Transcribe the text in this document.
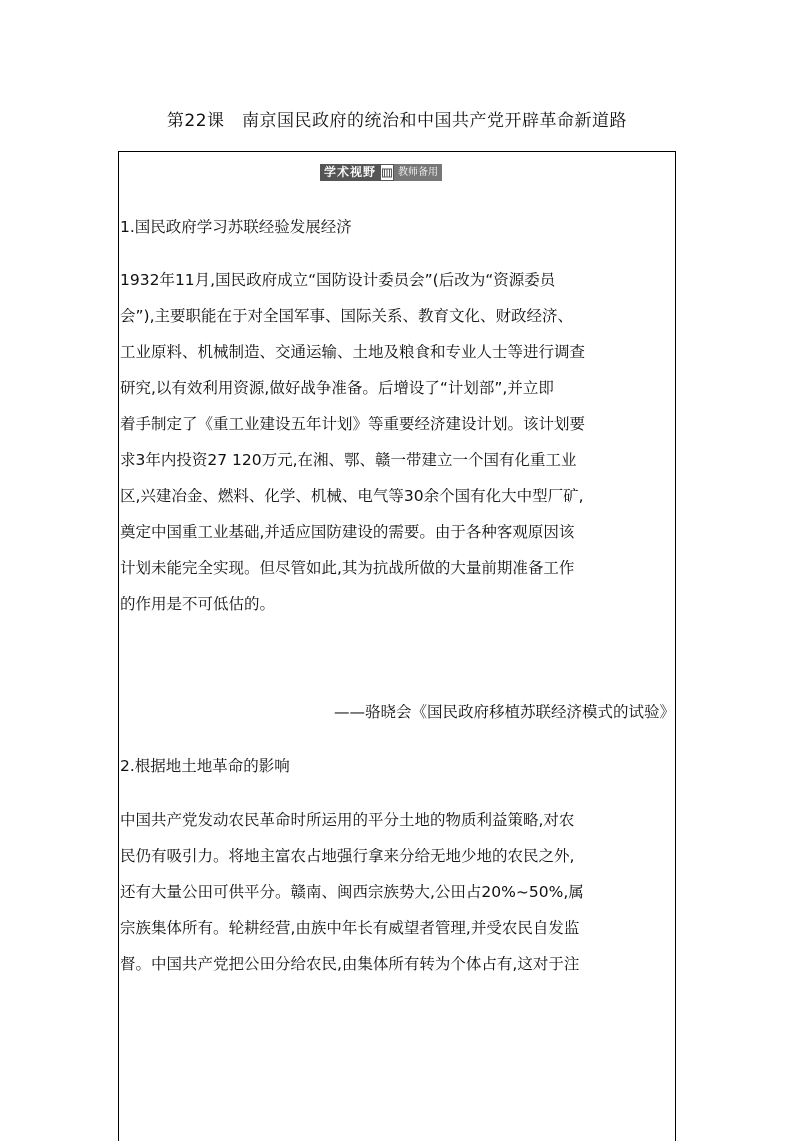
第22课　南京国民政府的统治和中国共产党开辟革命新道路
学术视野	教师备用
1.国民政府学习苏联经验发展经济
1932年11月,国民政府成立“国防设计委员会”(后改为“资源委员
会”),主要职能在于对全国军事、国际关系、教育文化、财政经济、
工业原料、机械制造、交通运输、土地及粮食和专业人士等进行调查
研究,以有效利用资源,做好战争准备。后增设了“计划部”,并立即
着手制定了《重工业建设五年计划》等重要经济建设计划。该计划要
求3年内投资27 120万元,在湘、鄂、赣一带建立一个国有化重工业
区,兴建冶金、燃料、化学、机械、电气等30余个国有化大中型厂矿,
奠定中国重工业基础,并适应国防建设的需要。由于各种客观原因该
计划未能完全实现。但尽管如此,其为抗战所做的大量前期准备工作
的作用是不可低估的。
——骆晓会《国民政府移植苏联经济模式的试验》
2.根据地土地革命的影响
中国共产党发动农民革命时所运用的平分土地的物质利益策略,对农
民仍有吸引力。将地主富农占地强行拿来分给无地少地的农民之外,
还有大量公田可供平分。赣南、闽西宗族势大,公田占20%~50%,属
宗族集体所有。轮耕经营,由族中年长有威望者管理,并受农民自发监
督。中国共产党把公田分给农民,由集体所有转为个体占有,这对于注
